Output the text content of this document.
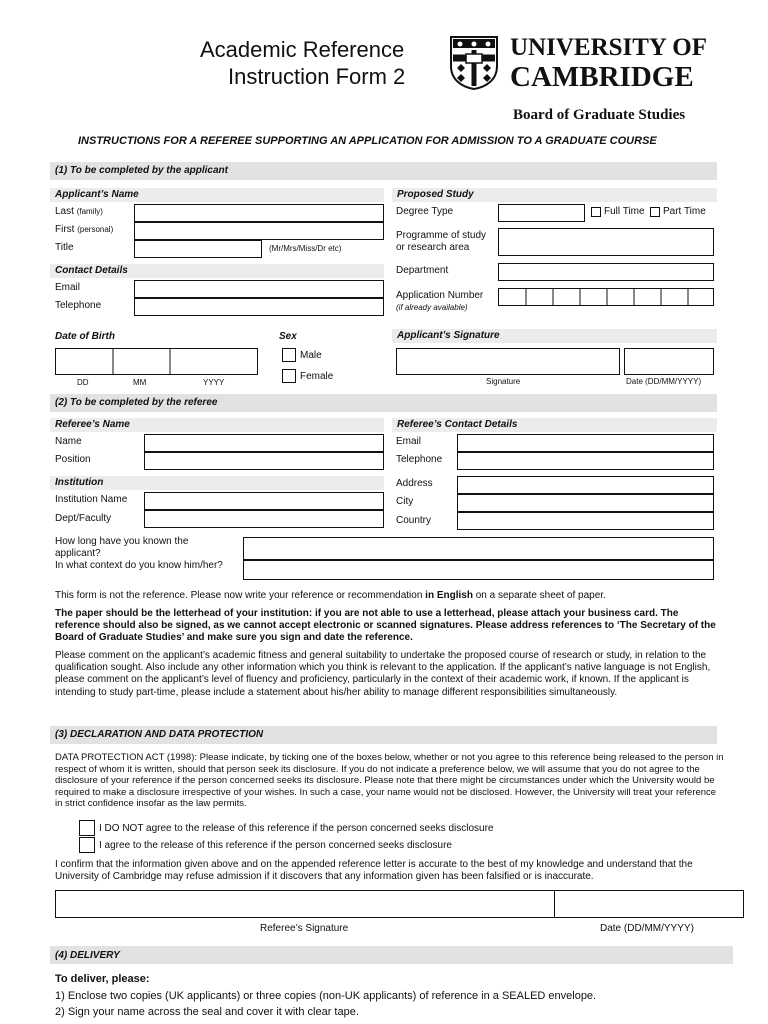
Academic Reference
Instruction Form 2
UNIVERSITY OF
CAMBRIDGE
Board of Graduate Studies
INSTRUCTIONS FOR A REFEREE SUPPORTING AN APPLICATION FOR ADMISSION TO A GRADUATE COURSE
(1) To be completed by the applicant
Applicant’s Name
Last (family)
First (personal)
Title	(Mr/Mrs/Miss/Dr etc)
Contact Details
Email
Telephone
Proposed Study
Degree Type	Full Time Part Time
Programme of study
or research area
Department
Application Number
(if already available)
Date of Birth
DD	MM	YYYY
Sex
Male
Female
Applicant’s Signature
Signature	Date (DD/MM/YYYY)
(2) To be completed by the referee
Referee’s Name
Name
Position
Institution
Institution Name
Dept/Faculty
Referee’s Contact Details
Email
Telephone
Address
City
Country
How long have you known the
applicant?
In what context do you know him/her?
This form is not the reference. Please now write your reference or recommendation in English on a separate sheet of paper.
The paper should be the letterhead of your institution: if you are not able to use a letterhead, please attach your business card. The reference should also be signed, as we cannot accept electronic or scanned signatures. Please address references to ‘The Secretary of the Board of Graduate Studies’ and make sure you sign and date the reference.
Please comment on the applicant’s academic fitness and general suitability to undertake the proposed course of research or study, in relation to the qualification sought. Also include any other information which you think is relevant to the application. If the applicant’s native language is not English, please comment on the applicant’s level of fluency and proficiency, particularly in the context of their academic work, if known. If the applicant is intending to study part-time, please include a statement about his/her ability to manage different responsibilities simultaneously.
(3) DECLARATION AND DATA PROTECTION
DATA PROTECTION ACT (1998): Please indicate, by ticking one of the boxes below, whether or not you agree to this reference being released to the person in respect of whom it is written, should that person seek its disclosure. If you do not indicate a preference below, we will assume that you do not agree to the disclosure of your reference if the person concerned seeks its disclosure. Please note that there might be circumstances under which the University would be required to make a disclosure irrespective of your wishes. In such a case, your name would not be disclosed. However, the University will treat your reference in strict confidence insofar as the law permits.
I DO NOT agree to the release of this reference if the person concerned seeks disclosure
I agree to the release of this reference if the person concerned seeks disclosure
I confirm that the information given above and on the appended reference letter is accurate to the best of my knowledge and understand that the University of Cambridge may refuse admission if it discovers that any information given has been falsified or is inaccurate.
Referee’s Signature	Date (DD/MM/YYYY)
(4) DELIVERY
To deliver, please:
1) Enclose two copies (UK applicants) or three copies (non-UK applicants) of reference in a SEALED envelope.
2) Sign your name across the seal and cover it with clear tape.
